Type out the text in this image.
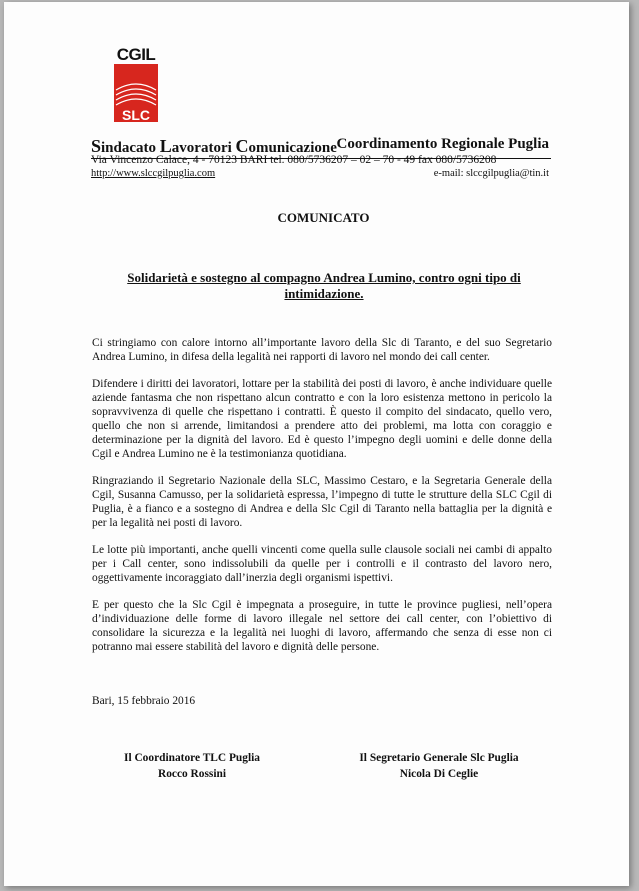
CGIL
SLC
Sindacato Lavoratori Comunicazione Coordinamento Regionale Puglia
Via Vincenzo Calace, 4 - 70123 BARI tel. 080/5736207 – 02 – 70 - 49 fax 080/5736208
http://www.slccgilpuglia.com	e-mail: slccgilpuglia@tin.it
COMUNICATO
Solidarietà e sostegno al compagno Andrea Lumino, contro ogni tipo di intimidazione.

Ci stringiamo con calore intorno all’importante lavoro della Slc di Taranto, e del suo Segretario Andrea Lumino, in difesa della legalità nei rapporti di lavoro nel mondo dei call center.

Difendere i diritti dei lavoratori, lottare per la stabilità dei posti di lavoro, è anche individuare quelle aziende fantasma che non rispettano alcun contratto e con la loro esistenza mettono in pericolo la sopravvivenza di quelle che rispettano i contratti. È questo il compito del sindacato, quello vero, quello che non si arrende, limitandosi a prendere atto dei problemi, ma lotta con coraggio e determinazione per la dignità del lavoro. Ed è questo l’impegno degli uomini e delle donne della Cgil e Andrea Lumino ne è la testimonianza quotidiana.

Ringraziando il Segretario Nazionale della SLC, Massimo Cestaro, e la Segretaria Generale della Cgil, Susanna Camusso, per la solidarietà espressa, l’impegno di tutte le strutture della SLC Cgil di Puglia, è a fianco e a sostegno di Andrea e della Slc Cgil di Taranto nella battaglia per la dignità e per la legalità nei posti di lavoro.

Le lotte più importanti, anche quelli vincenti come quella sulle clausole sociali nei cambi di appalto per i Call center, sono indissolubili da quelle per i controlli e il contrasto del lavoro nero, oggettivamente incoraggiato dall’inerzia degli organismi ispettivi.

E per questo che la Slc Cgil è impegnata a proseguire, in tutte le province pugliesi, nell’opera d’individuazione delle forme di lavoro illegale nel settore dei call center, con l’obiettivo di consolidare la sicurezza e la legalità nei luoghi di lavoro, affermando che senza di esse non ci potranno mai essere stabilità del lavoro e dignità delle persone.

Bari, 15 febbraio 2016
Il Coordinatore TLC Puglia
Rocco Rossini
Il Segretario Generale Slc Puglia
Nicola Di Ceglie
